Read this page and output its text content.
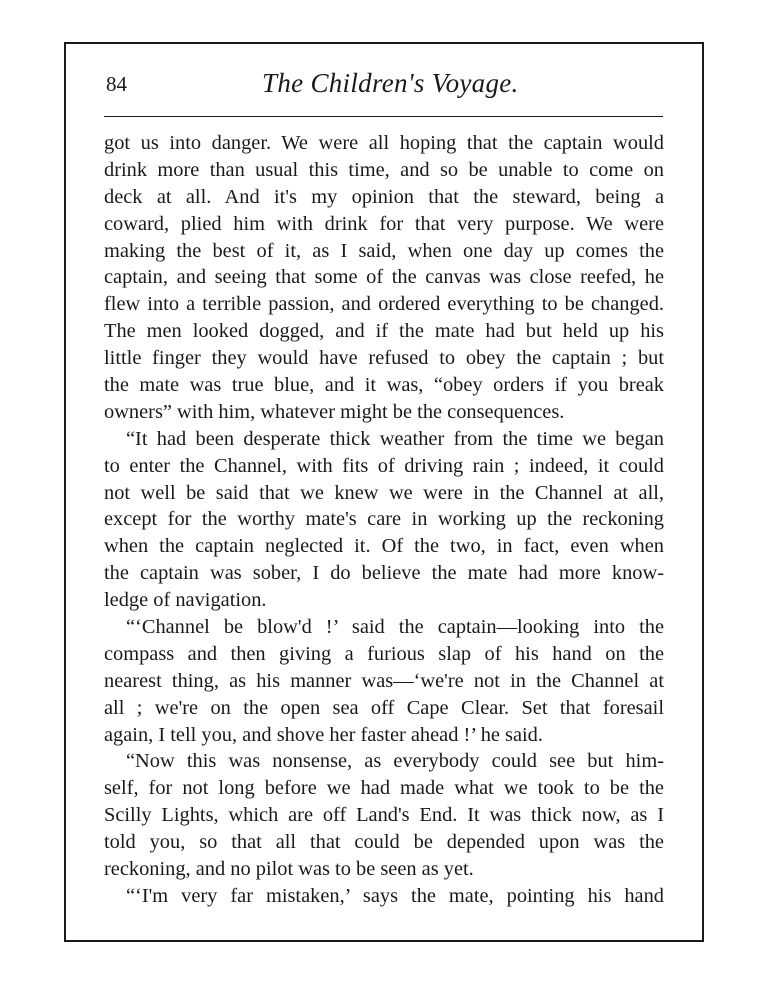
84	The Children's Voyage.
got us into danger. We were all hoping that the captain would
drink more than usual this time, and so be unable to come on
deck at all. And it's my opinion that the steward, being a
coward, plied him with drink for that very purpose. We were
making the best of it, as I said, when one day up comes the
captain, and seeing that some of the canvas was close reefed, he
flew into a terrible passion, and ordered everything to be changed.
The men looked dogged, and if the mate had but held up his
little finger they would have refused to obey the captain ; but
the mate was true blue, and it was, “obey orders if you break
owners” with him, whatever might be the consequences.
“It had been desperate thick weather from the time we began
to enter the Channel, with fits of driving rain ; indeed, it could
not well be said that we knew we were in the Channel at all,
except for the worthy mate's care in working up the reckoning
when the captain neglected it. Of the two, in fact, even when
the captain was sober, I do believe the mate had more know-
ledge of navigation.
“‘Channel be blow'd !’ said the captain—looking into the
compass and then giving a furious slap of his hand on the
nearest thing, as his manner was—‘we're not in the Channel at
all ; we're on the open sea off Cape Clear. Set that foresail
again, I tell you, and shove her faster ahead !’ he said.
“Now this was nonsense, as everybody could see but him-
self, for not long before we had made what we took to be the
Scilly Lights, which are off Land's End. It was thick now, as I
told you, so that all that could be depended upon was the
reckoning, and no pilot was to be seen as yet.
“‘I'm very far mistaken,’ says the mate, pointing his hand
